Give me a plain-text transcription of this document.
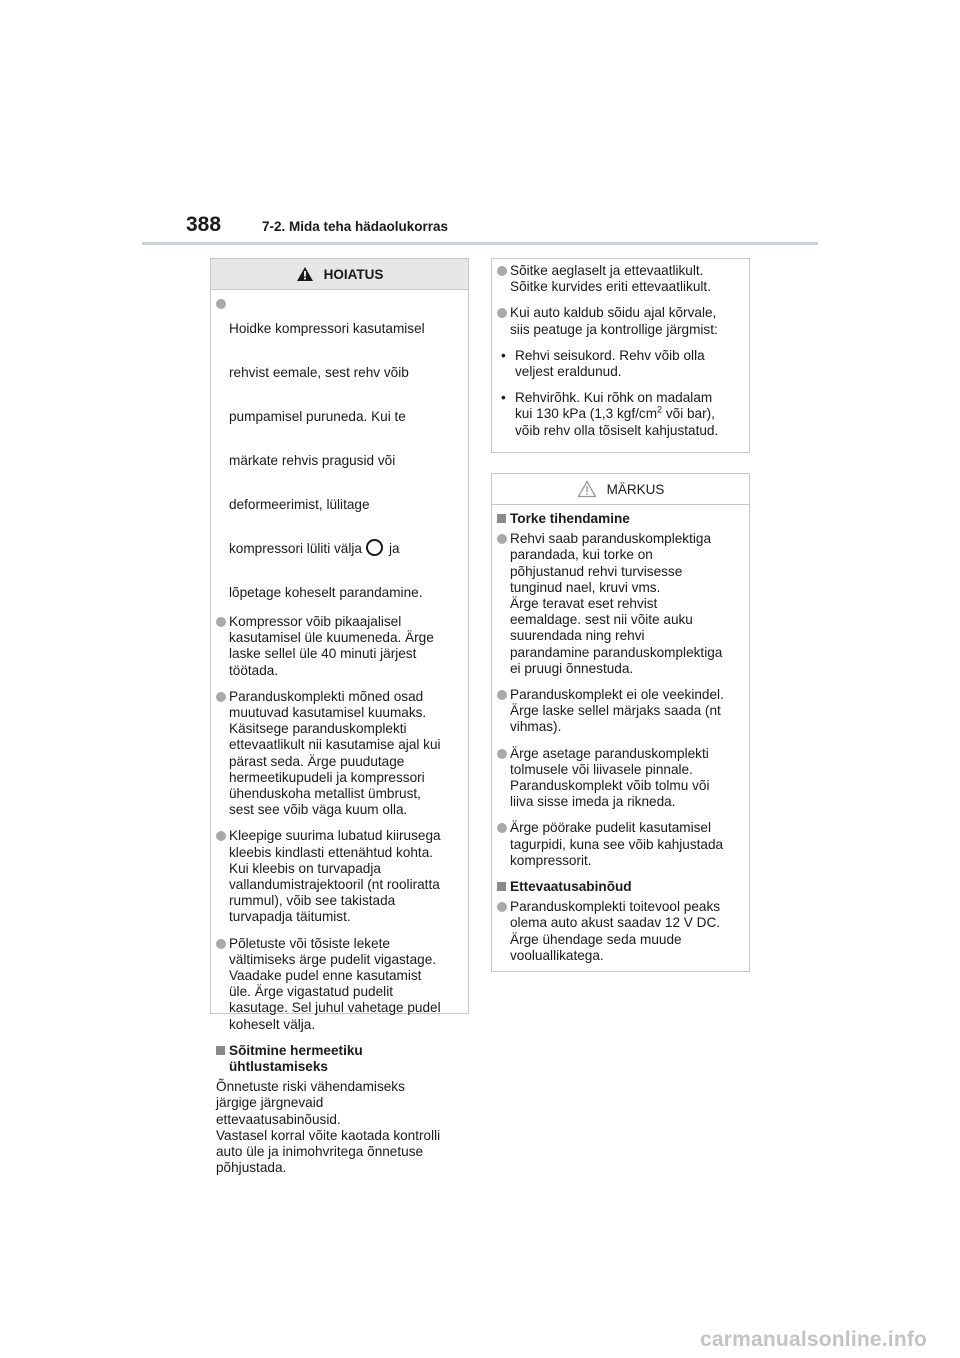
388	7-2. Mida teha hädaolukorras
HOIATUS

Hoidke kompressori kasutamisel

rehvist eemale, sest rehv võib

pumpamisel puruneda. Kui te

märkate rehvis pragusid või

deformeerimist, lülitage

kompressori lüliti välja ja

lõpetage koheselt parandamine.

Kompressor võib pikaajalisel
kasutamisel üle kuumeneda. Ärge
laske sellel üle 40 minuti järjest
töötada.
Paranduskomplekti mõned osad
muutuvad kasutamisel kuumaks.
Käsitsege paranduskomplekti
ettevaatlikult nii kasutamise ajal kui
pärast seda. Ärge puudutage
hermeetikupudeli ja kompressori
ühenduskoha metallist ümbrust,
sest see võib väga kuum olla.
Kleepige suurima lubatud kiirusega
kleebis kindlasti ettenähtud kohta.
Kui kleebis on turvapadja
vallandumistrajektooril (nt rooliratta
rummul), võib see takistada
turvapadja täitumist.
Põletuste või tõsiste lekete
vältimiseks ärge pudelit vigastage.
Vaadake pudel enne kasutamist
üle. Ärge vigastatud pudelit
kasutage. Sel juhul vahetage pudel
koheselt välja.
Sõitmine hermeetiku
ühtlustamiseks

Õnnetuste riski vähendamiseks
järgige järgnevaid
ettevaatusabinõusid.
Vastasel korral võite kaotada kontrolli
auto üle ja inimohvritega õnnetuse
põhjustada.

Sõitke aeglaselt ja ettevaatlikult.
Sõitke kurvides eriti ettevaatlikult.
Kui auto kaldub sõidu ajal kõrvale,
siis peatuge ja kontrollige järgmist:
• Rehvi seisukord. Rehv võib olla
veljest eraldunud.
• Rehvirõhk. Kui rõhk on madalam
kui 130 kPa (1,3 kgf/$cm^2$ või bar),
võib rehv olla tõsiselt kahjustatud.
MÄRKUS
Torke tihendamine
Rehvi saab paranduskomplektiga
parandada, kui torke on
põhjustanud rehvi turvisesse
tunginud nael, kruvi vms.
Ärge teravat eset rehvist
eemaldage. sest nii võite auku
suurendada ning rehvi
parandamine paranduskomplektiga
ei pruugi õnnestuda.
Paranduskomplekt ei ole veekindel.
Ärge laske sellel märjaks saada (nt
vihmas).
Ärge asetage paranduskomplekti
tolmusele või liivasele pinnale.
Paranduskomplekt võib tolmu või
liiva sisse imeda ja rikneda.
Ärge pöörake pudelit kasutamisel
tagurpidi, kuna see võib kahjustada
kompressorit.
Ettevaatusabinõud
Paranduskomplekti toitevool peaks
olema auto akust saadav 12 V DC.
Ärge ühendage seda muude
vooluallikatega.
carmanualsonline.info
